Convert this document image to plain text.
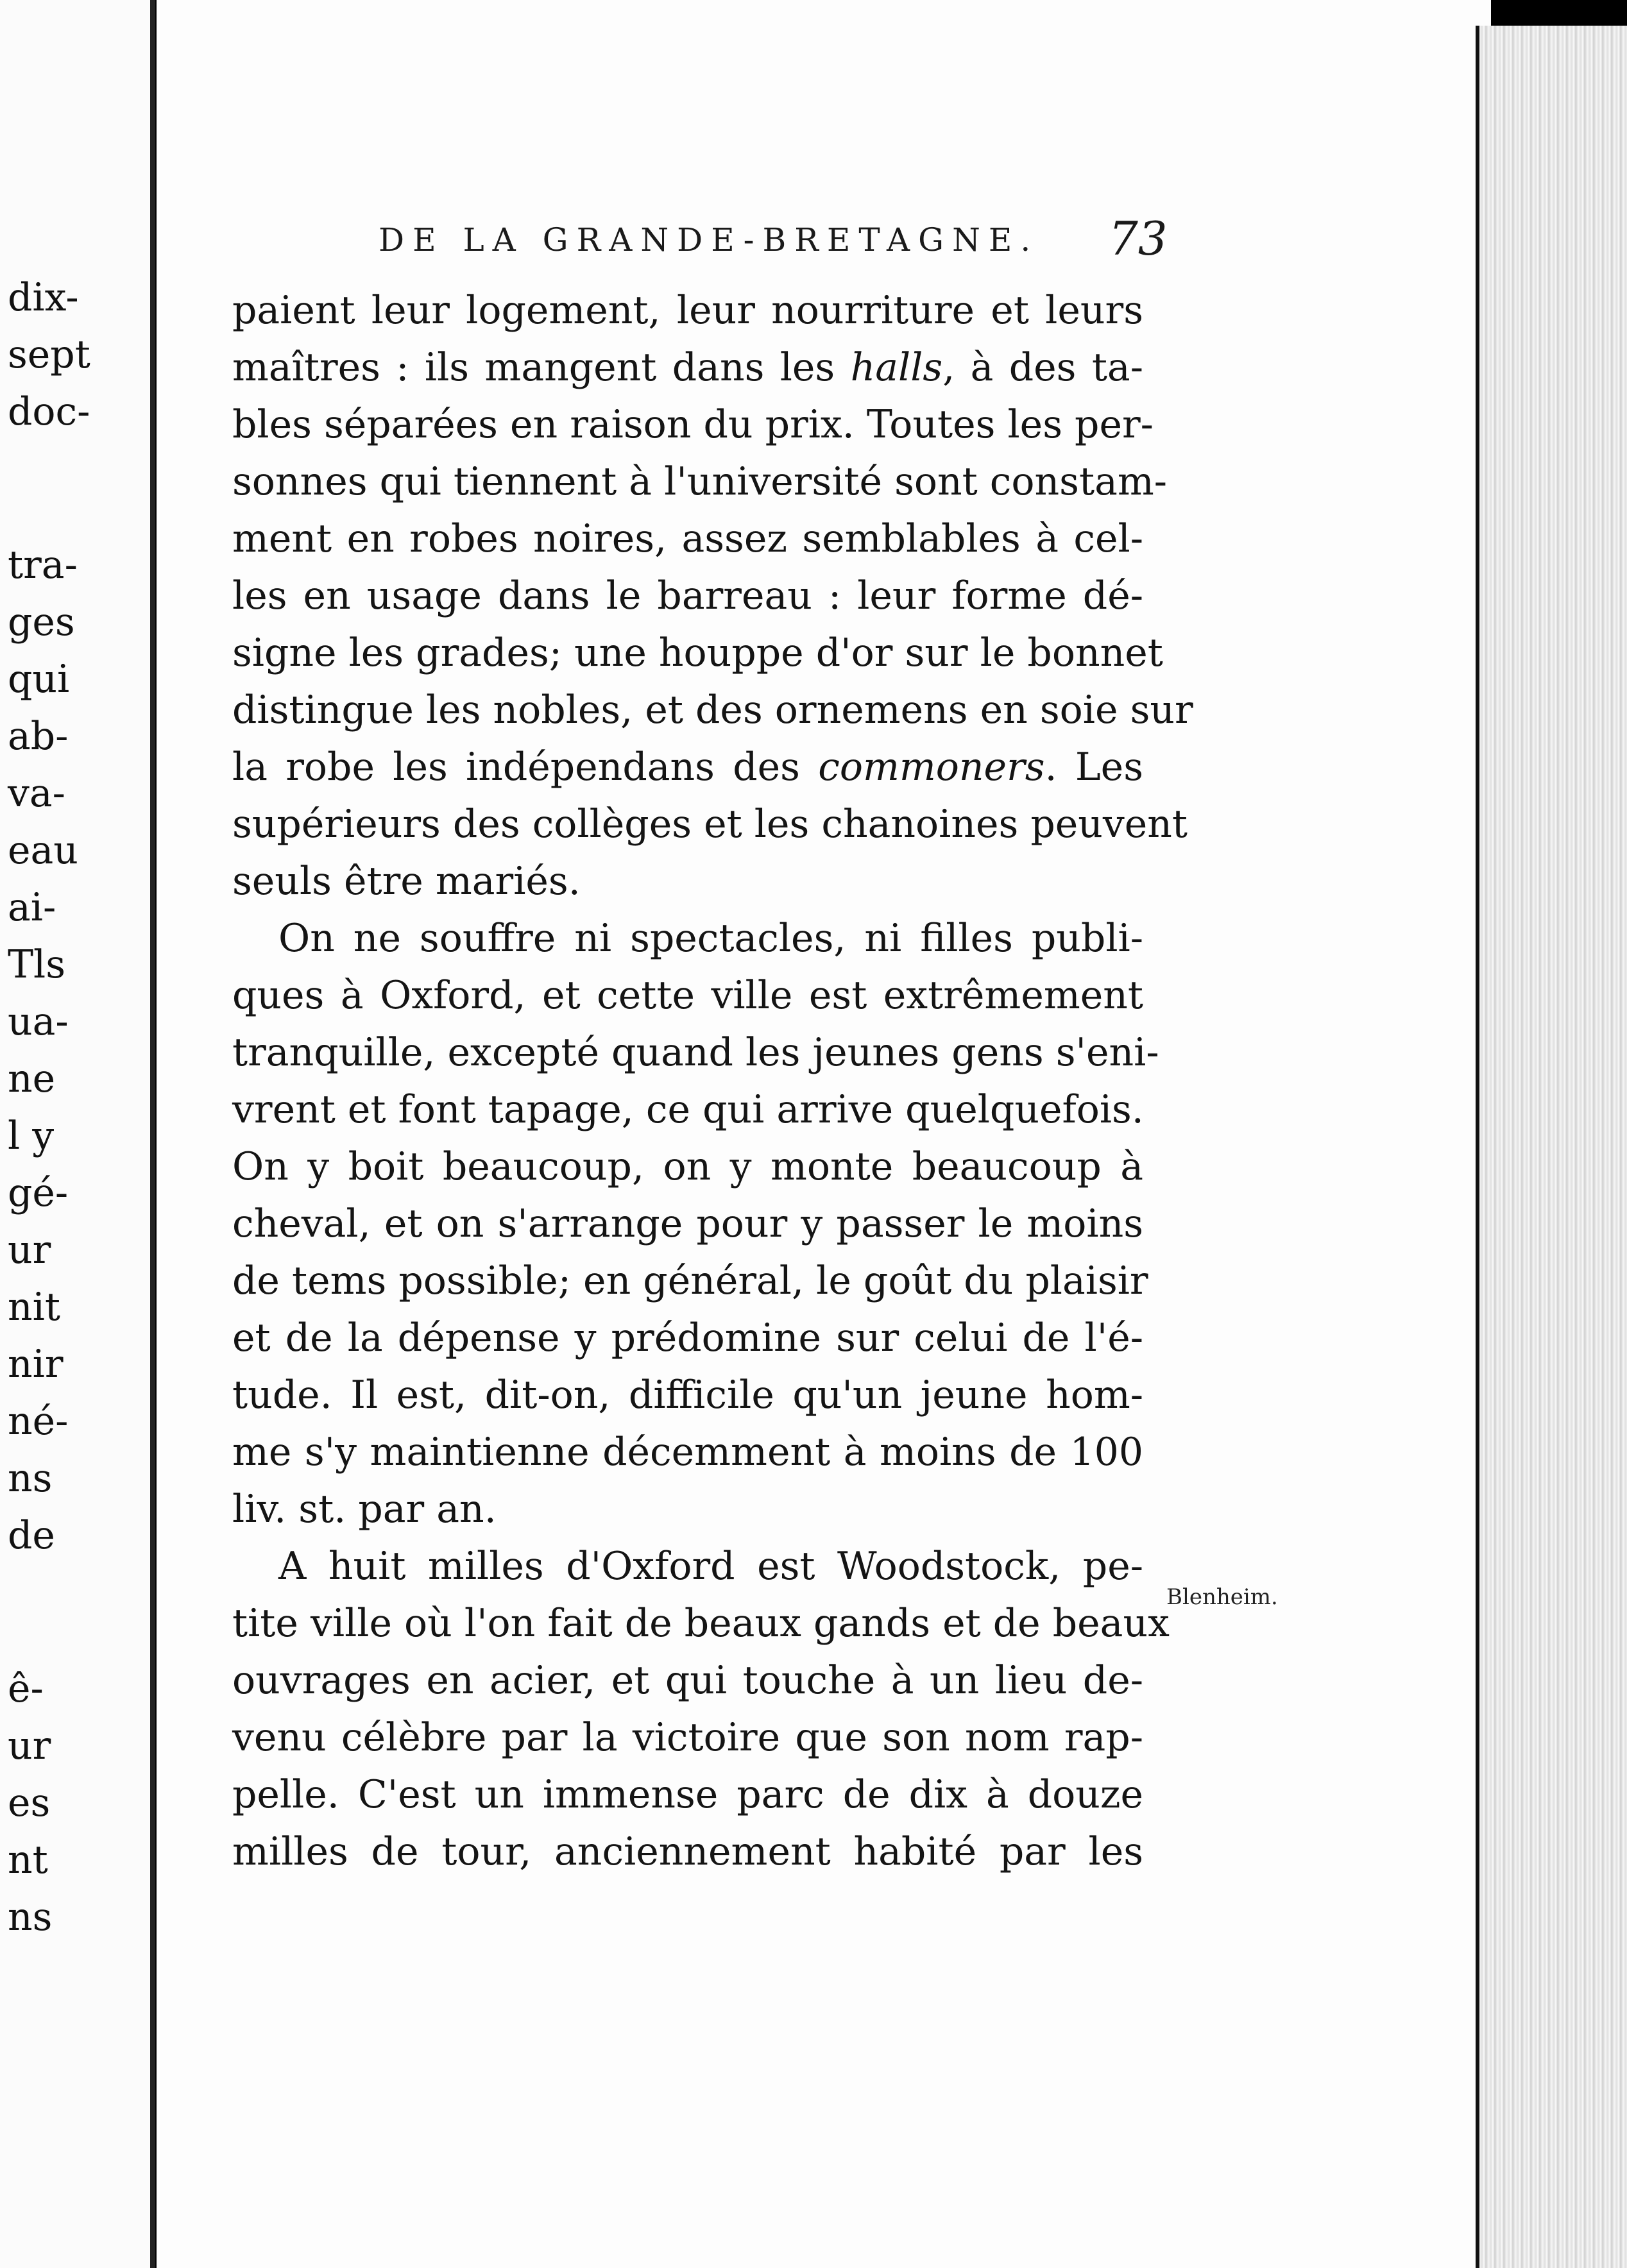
dix-
sept
doc-
tra-
ges
qui
ab-
va-
eau
ai-
Tls
ua-
ne
l y
gé-
ur
nit
nir
né-
ns
de
ê-
ur
es
nt
ns
DE LA GRANDE-BRETAGNE. 73
paient leur logement, leur nourriture et leurs
maîtres : ils mangent dans les halls, à des ta-
bles séparées en raison du prix. Toutes les per-
sonnes qui tiennent à l'université sont constam-
ment en robes noires, assez semblables à cel-
les en usage dans le barreau : leur forme dé-
signe les grades; une houppe d'or sur le bonnet
distingue les nobles, et des ornemens en soie sur
la robe les indépendans des commoners. Les
supérieurs des collèges et les chanoines peuvent
seuls être mariés.
On ne souffre ni spectacles, ni filles publi-
ques à Oxford, et cette ville est extrêmement
tranquille, excepté quand les jeunes gens s'eni-
vrent et font tapage, ce qui arrive quelquefois.
On y boit beaucoup, on y monte beaucoup à
cheval, et on s'arrange pour y passer le moins
de tems possible; en général, le goût du plaisir
et de la dépense y prédomine sur celui de l'é-
tude. Il est, dit-on, difficile qu'un jeune hom-
me s'y maintienne décemment à moins de 100
liv. st. par an.
A huit milles d'Oxford est Woodstock, pe-
tite ville où l'on fait de beaux gands et de beaux
ouvrages en acier, et qui touche à un lieu de-
venu célèbre par la victoire que son nom rap-
pelle. C'est un immense parc de dix à douze
milles de tour, anciennement habité par les
Blenheim.
